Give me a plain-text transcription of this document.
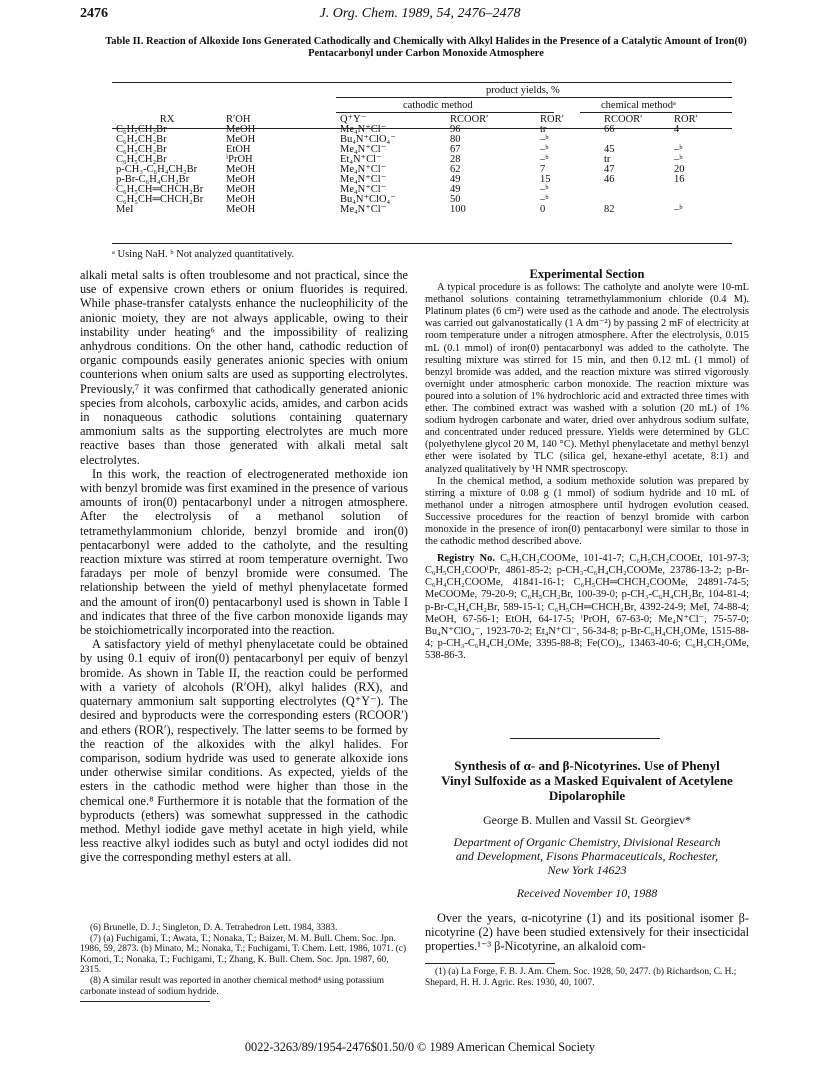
2476	J. Org. Chem. 1989, 54, 2476–2478
Table II. Reaction of Alkoxide Ions Generated Cathodically and Chemically with Alkyl Halides in the Presence of a Catalytic Amount of Iron(0) Pentacarbonyl under Carbon Monoxide Atmosphere
product yields, %
cathodic method	chemical methodᵃ
RX	R′OH	Q⁺Y⁻	RCOOR′	ROR′	RCOOR′	ROR′
C₆H₅CH₂Br	MeOH	Me₄N⁺Cl⁻	96	tr	66	4
C₆H₅CH₂Br	MeOH	Bu₄N⁺ClO₄⁻	80	–ᵇ		
C₆H₅CH₂Br	EtOH	Me₄N⁺Cl⁻	67	–ᵇ	45	–ᵇ
C₆H₅CH₂Br	ⁱPrOH	Et₄N⁺Cl⁻	28	–ᵇ	tr	–ᵇ
p-CH₃-C₆H₄CH₂Br	MeOH	Me₄N⁺Cl⁻	62	7	47	20
p-Br-C₆H₄CH₂Br	MeOH	Me₄N⁺Cl⁻	49	15	46	16
C₆H₅CH═CHCH₂Br	MeOH	Me₄N⁺Cl⁻	49	–ᵇ		
C₆H₅CH═CHCH₂Br	MeOH	Bu₄N⁺ClO₄⁻	50	–ᵇ		
MeI	MeOH	Me₄N⁺Cl⁻	100	0	82	–ᵇ
ᵃ Using NaH. ᵇ Not analyzed quantitatively.

alkali metal salts is often troublesome and not practical, since the use of expensive crown ethers or onium fluorides is required. While phase-transfer catalysts enhance the nucleophilicity of the anionic moiety, they are not always applicable, owing to their instability under heating⁶ and the impossibility of realizing anhydrous conditions. On the other hand, cathodic reduction of organic compounds easily generates anionic species with onium counterions when onium salts are used as supporting electrolytes. Previously,⁷ it was confirmed that cathodically generated anionic species from alcohols, carboxylic acids, amides, and carbon acids in nonaqueous cathodic solutions containing quaternary ammonium salts as the supporting electrolytes are much more reactive bases than those generated with alkali metal salt electrolytes.

In this work, the reaction of electrogenerated methoxide ion with benzyl bromide was first examined in the presence of various amounts of iron(0) pentacarbonyl under a nitrogen atmosphere. After the electrolysis of a methanol solution of tetramethylammonium chloride, benzyl bromide and iron(0) pentacarbonyl were added to the catholyte, and the resulting reaction mixture was stirred at room temperature overnight. Two faradays per mole of benzyl bromide were consumed. The relationship between the yield of methyl phenylacetate formed and the amount of iron(0) pentacarbonyl used is shown in Table I and indicates that three of the five carbon monoxide ligands may be stoichiometrically incorporated into the reaction.

A satisfactory yield of methyl phenylacetate could be obtained by using 0.1 equiv of iron(0) pentacarbonyl per equiv of benzyl bromide. As shown in Table II, the reaction could be performed with a variety of alcohols (R′OH), alkyl halides (RX), and quaternary ammonium salt supporting electrolytes (Q⁺Y⁻). The desired and byproducts were the corresponding esters (RCOOR′) and ethers (ROR′), respectively. The latter seems to be formed by the reaction of the alkoxides with the alkyl halides. For comparison, sodium hydride was used to generate alkoxide ions under otherwise similar conditions. As expected, yields of the esters in the cathodic method were higher than those in the chemical one.⁸ Furthermore it is notable that the formation of the byproducts (ethers) was somewhat suppressed in the cathodic method. Methyl iodide gave methyl acetate in high yield, while less reactive alkyl iodides such as butyl and octyl iodides did not give the corresponding methyl esters at all.

(6) Brunelle, D. J.; Singleton, D. A. Tetrahedron Lett. 1984, 3383.

(7) (a) Fuchigami, T.; Awata, T.; Nonaka, T.; Baizer, M. M. Bull. Chem. Soc. Jpn. 1986, 59, 2873. (b) Minato, M.; Nonaka, T.; Fuchigami, T. Chem. Lett. 1986, 1071. (c) Komori, T.; Nonaka, T.; Fuchigami, T.; Zhang, K. Bull. Chem. Soc. Jpn. 1987, 60, 2315.

(8) A similar result was reported in another chemical method⁴ using potassium carbonate instead of sodium hydride.

Experimental Section

A typical procedure is as follows: The catholyte and anolyte were 10-mL methanol solutions containing tetramethylammonium chloride (0.4 M). Platinum plates (6 cm²) were used as the cathode and anode. The electrolysis was carried out galvanostatically (1 A dm⁻²) by passing 2 mF of electricity at room temperature under a nitrogen atmosphere. After the electrolysis, 0.015 mL (0.1 mmol) of iron(0) pentacarbonyl was added to the catholyte. The resulting mixture was stirred for 15 min, and then 0.12 mL (1 mmol) of benzyl bromide was added, and the reaction mixture was stirred vigorously overnight under atmospheric carbon monoxide. The reaction mixture was poured into a solution of 1% hydrochloric acid and extracted three times with ether. The combined extract was washed with a solution (20 mL) of 1% sodium hydrogen carbonate and water, dried over anhydrous sodium sulfate, and concentrated under reduced pressure. Yields were determined by GLC (polyethylene glycol 20 M, 140 °C). Methyl phenylacetate and methyl benzyl ether were isolated by TLC (silica gel, hexane-ethyl acetate, 8:1) and analyzed qualitatively by ¹H NMR spectroscopy.

In the chemical method, a sodium methoxide solution was prepared by stirring a mixture of 0.08 g (1 mmol) of sodium hydride and 10 mL of methanol under a nitrogen atmosphere until hydrogen evolution ceased. Successive procedures for the reaction of benzyl bromide with carbon monoxide in the presence of iron(0) pentacarbonyl were similar to those in the cathodic method described above.

Registry No. C₆H₅CH₂COOMe, 101-41-7; C₆H₅CH₂COOEt, 101-97-3; C₆H₅CH₂COOⁱPr, 4861-85-2; p-CH₃-C₆H₄CH₂COOMe, 23786-13-2; p-Br-C₆H₄CH₂COOMe, 41841-16-1; C₆H₅CH═CHCH₂COOMe, 24891-74-5; MeCOOMe, 79-20-9; C₆H₅CH₂Br, 100-39-0; p-CH₃-C₆H₄CH₂Br, 104-81-4; p-Br-C₆H₄CH₂Br, 589-15-1; C₆H₅CH═CHCH₂Br, 4392-24-9; MeI, 74-88-4; MeOH, 67-56-1; EtOH, 64-17-5; ⁱPrOH, 67-63-0; Me₄N⁺Cl⁻, 75-57-0; Bu₄N⁺ClO₄⁻, 1923-70-2; Et₄N⁺Cl⁻, 56-34-8; p-Br-C₆H₄CH₂OMe, 1515-88-4; p-CH₃-C₆H₄CH₂OMe, 3395-88-8; Fe(CO)₅, 13463-40-6; C₆H₅CH₂OMe, 538-86-3.

Synthesis of α- and β-Nicotyrines. Use of Phenyl Vinyl Sulfoxide as a Masked Equivalent of Acetylene Dipolarophile
George B. Mullen and Vassil St. Georgiev*
Department of Organic Chemistry, Divisional Research and Development, Fisons Pharmaceuticals, Rochester, New York 14623
Received November 10, 1988

Over the years, α-nicotyrine (1) and its positional isomer β-nicotyrine (2) have been studied extensively for their insecticidal properties.¹⁻³ β-Nicotyrine, an alkaloid com-

(1) (a) La Forge, F. B. J. Am. Chem. Soc. 1928, 50, 2477. (b) Richardson, C. H.; Shepard, H. H. J. Agric. Res. 1930, 40, 1007.

0022-3263/89/1954-2476$01.50/0 © 1989 American Chemical Society
